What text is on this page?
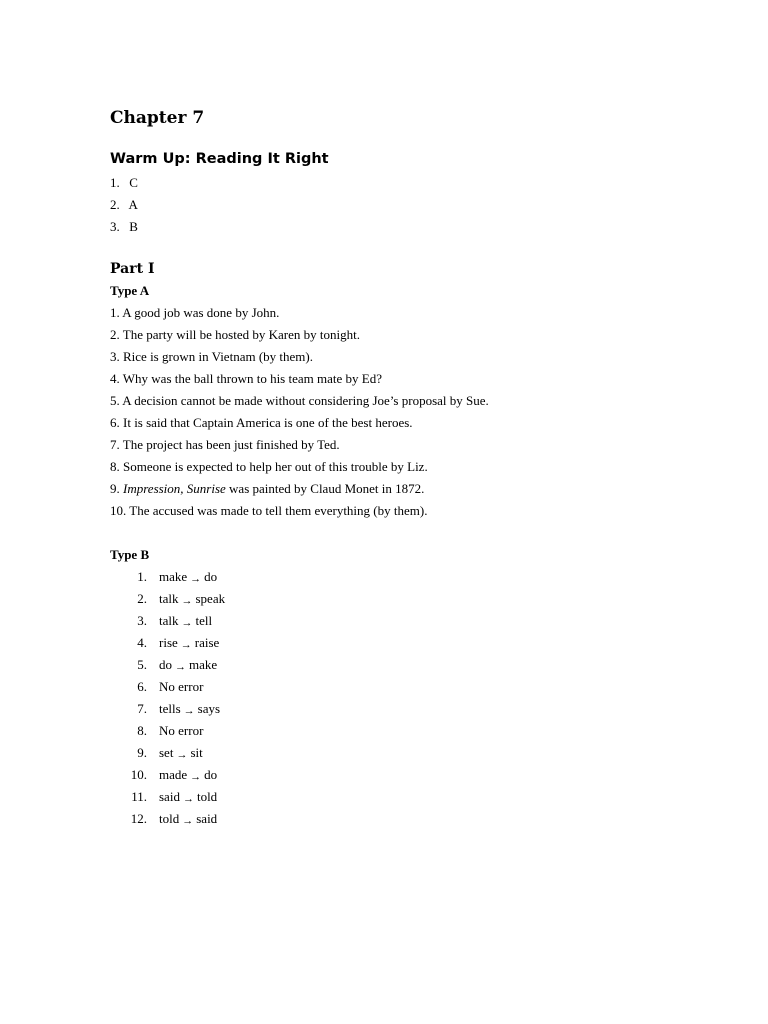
Chapter 7
Warm Up: Reading It Right
1. C
2. A
3. B
Part I
Type A
1. A good job was done by John.
2. The party will be hosted by Karen by tonight.
3. Rice is grown in Vietnam (by them).
4. Why was the ball thrown to his team mate by Ed?
5. A decision cannot be made without considering Joe’s proposal by Sue.
6. It is said that Captain America is one of the best heroes.
7. The project has been just finished by Ted.
8. Someone is expected to help her out of this trouble by Liz.
9. Impression, Sunrise was painted by Claud Monet in 1872.
10. The accused was made to tell them everything (by them).
Type B
1. make → do
2. talk → speak
3. talk → tell
4. rise → raise
5. do → make
6. No error
7. tells → says
8. No error
9. set → sit
10. made → do
11. said → told
12. told → said
